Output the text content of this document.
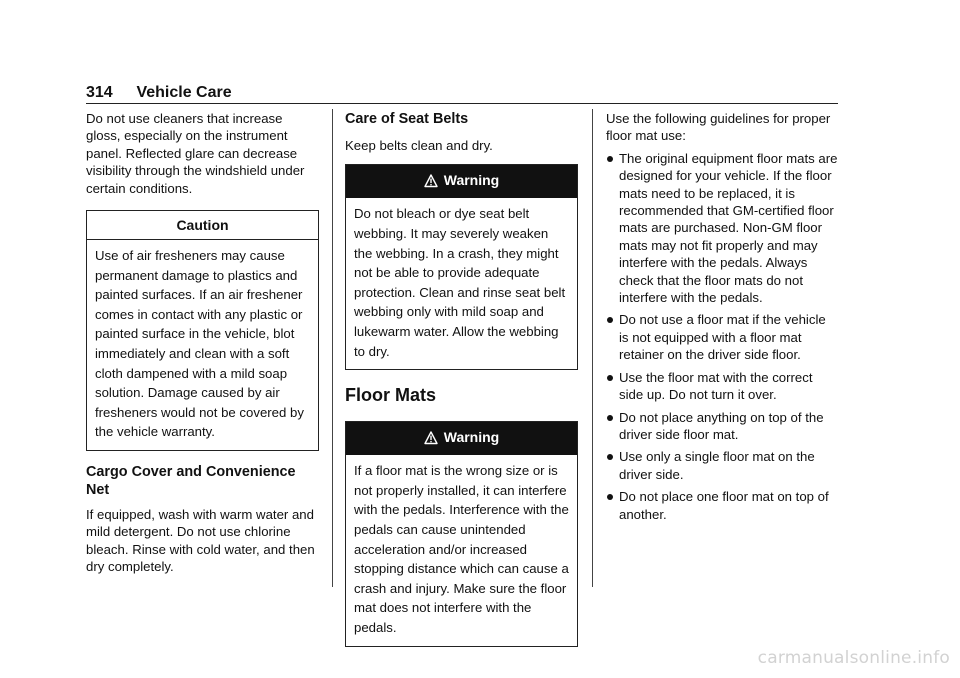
314 Vehicle Care

Do not use cleaners that increase gloss, especially on the instrument panel. Reflected glare can decrease visibility through the windshield under certain conditions.

Caution
Use of air fresheners may cause permanent damage to plastics and painted surfaces. If an air freshener comes in contact with any plastic or painted surface in the vehicle, blot immediately and clean with a soft cloth dampened with a mild soap solution. Damage caused by air fresheners would not be covered by the vehicle warranty.
Cargo Cover and Convenience Net

If equipped, wash with warm water and mild detergent. Do not use chlorine bleach. Rinse with cold water, and then dry completely.

Care of Seat Belts

Keep belts clean and dry.

Warning
Do not bleach or dye seat belt webbing. It may severely weaken the webbing. In a crash, they might not be able to provide adequate protection. Clean and rinse seat belt webbing only with mild soap and lukewarm water. Allow the webbing to dry.
Floor Mats
Warning
If a floor mat is the wrong size or is not properly installed, it can interfere with the pedals. Interference with the pedals can cause unintended acceleration and/or increased stopping distance which can cause a crash and injury. Make sure the floor mat does not interfere with the pedals.

Use the following guidelines for proper floor mat use:

The original equipment floor mats are designed for your vehicle. If the floor mats need to be replaced, it is recommended that GM-certified floor mats are purchased. Non-GM floor mats may not fit properly and may interfere with the pedals. Always check that the floor mats do not interfere with the pedals.
Do not use a floor mat if the vehicle is not equipped with a floor mat retainer on the driver side floor.
Use the floor mat with the correct side up. Do not turn it over.
Do not place anything on top of the driver side floor mat.
Use only a single floor mat on the driver side.
Do not place one floor mat on top of another.
carmanualsonline.info
